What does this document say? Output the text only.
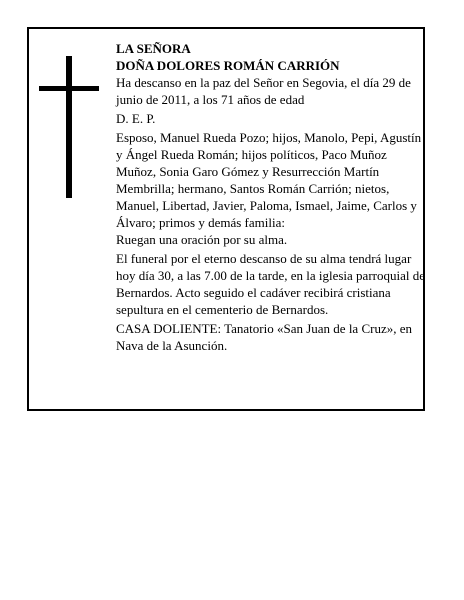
LA SEÑORA

DOÑA DOLORES ROMÁN CARRIÓN

Ha descanso en la paz del Señor en Segovia, el día 29 de junio de 2011, a los 71 años de edad

D. E. P.

Esposo, Manuel Rueda Pozo; hijos, Manolo, Pepi, Agustín y Ángel Rueda Román; hijos políticos, Paco Muñoz Muñoz, Sonia Garo Gómez y Resurrección Martín Membrilla; hermano, Santos Román Carrión; nietos, Manuel, Libertad, Javier, Paloma, Ismael, Jaime, Carlos y Álvaro; primos y demás familia:

Ruegan una oración por su alma.

El funeral por el eterno descanso de su alma tendrá lugar hoy día 30, a las 7.00 de la tarde, en la iglesia parroquial de Bernardos. Acto seguido el cadáver recibirá cristiana sepultura en el cementerio de Bernardos.

CASA DOLIENTE: Tanatorio «San Juan de la Cruz», en Nava de la Asunción.
